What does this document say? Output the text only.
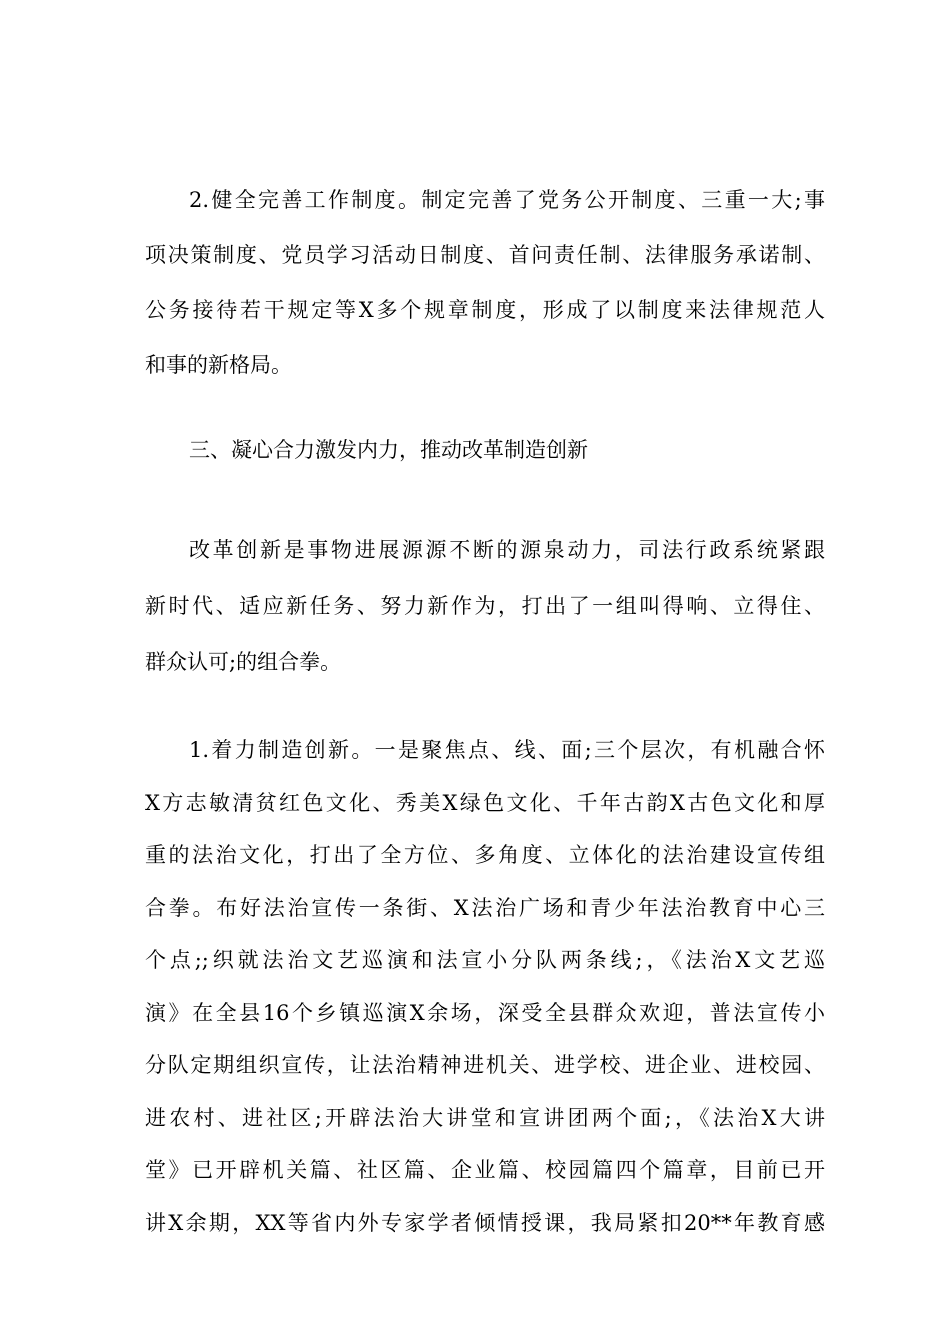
2.健全完善工作制度。制定完善了党务公开制度、三重一大;事
项决策制度、党员学习活动日制度、首问责任制、法律服务承诺制、
公务接待若干规定等X多个规章制度，形成了以制度来法律规范人
和事的新格局。
三、凝心合力激发内力，推动改革制造创新
改革创新是事物进展源源不断的源泉动力，司法行政系统紧跟
新时代、适应新任务、努力新作为，打出了一组叫得响、立得住、
群众认可;的组合拳。
1.着力制造创新。一是聚焦点、线、面;三个层次，有机融合怀
X方志敏清贫红色文化、秀美X绿色文化、千年古韵X古色文化和厚
重的法治文化，打出了全方位、多角度、立体化的法治建设宣传组
合拳。布好法治宣传一条街、X法治广场和青少年法治教育中心三
个点;;织就法治文艺巡演和法宣小分队两条线;，《法治X文艺巡
演》在全县16个乡镇巡演X余场，深受全县群众欢迎，普法宣传小
分队定期组织宣传，让法治精神进机关、进学校、进企业、进校园、
进农村、进社区;开辟法治大讲堂和宣讲团两个面;，《法治X大讲
堂》已开辟机关篇、社区篇、企业篇、校园篇四个篇章，目前已开
讲X余期，XX等省内外专家学者倾情授课，我局紧扣20**年教育感
